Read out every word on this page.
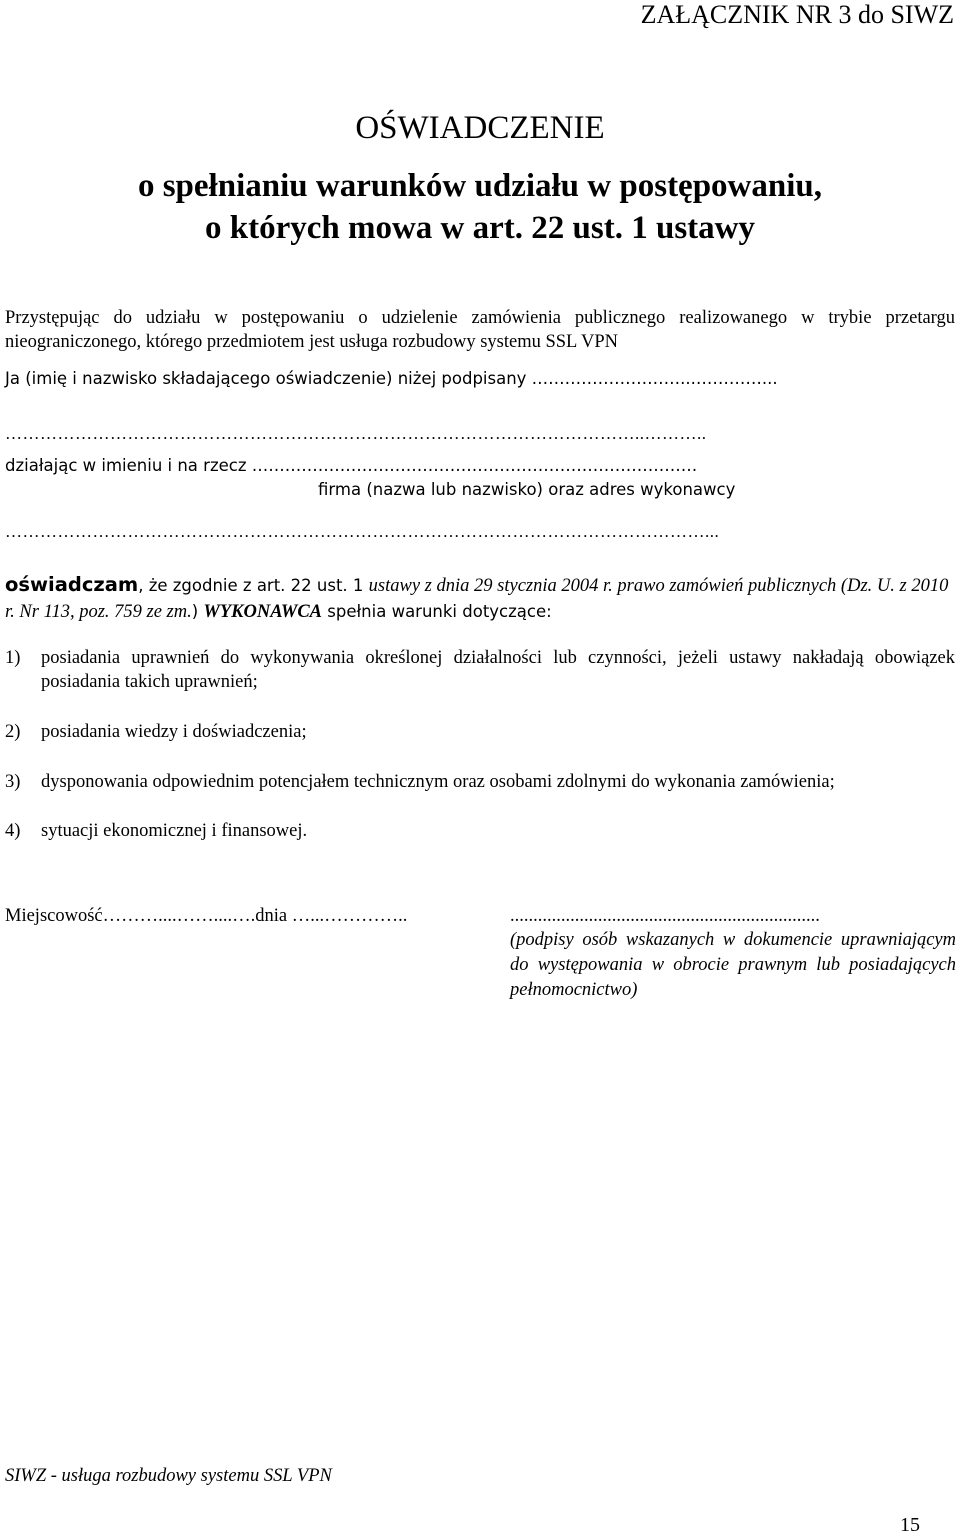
ZAŁĄCZNIK NR 3 do SIWZ
OŚWIADCZENIE
o spełnianiu warunków udziału w postępowaniu,
o których mowa w art. 22 ust. 1 ustawy
Przystępując do udziału w postępowaniu o udzielenie zamówienia publicznego realizowanego w trybie przetargu nieograniczonego, którego przedmiotem jest usługa rozbudowy systemu SSL VPN
Ja (imię i nazwisko składającego oświadczenie) niżej podpisany ………………………...…………...
………………………………………………………………………………………………..………..
działając w imieniu i na rzecz ………………………………………………………………………
firma (nazwa lub nazwisko) oraz adres wykonawcy
…………………………………………………………………………………………………………...
oświadczam, że zgodnie z art. 22 ust. 1 ustawy z dnia 29 stycznia 2004 r. prawo zamówień publicznych (Dz. U. z 2010 r. Nr 113, poz. 759 ze zm.) WYKONAWCA spełnia warunki dotyczące:
1) posiadania uprawnień do wykonywania określonej działalności lub czynności, jeżeli ustawy nakładają obowiązek posiadania takich uprawnień;
2) posiadania wiedzy i doświadczenia;
3) dysponowania odpowiednim potencjałem technicznym oraz osobami zdolnymi do wykonania zamówienia;
4) sytuacji ekonomicznej i finansowej.
Miejscowość………....……....….dnia …...…………..	...................................................................
(podpisy osób wskazanych w dokumencie uprawniającym do występowania w obrocie prawnym lub posiadających pełnomocnictwo)
SIWZ - usługa rozbudowy systemu SSL VPN
15
